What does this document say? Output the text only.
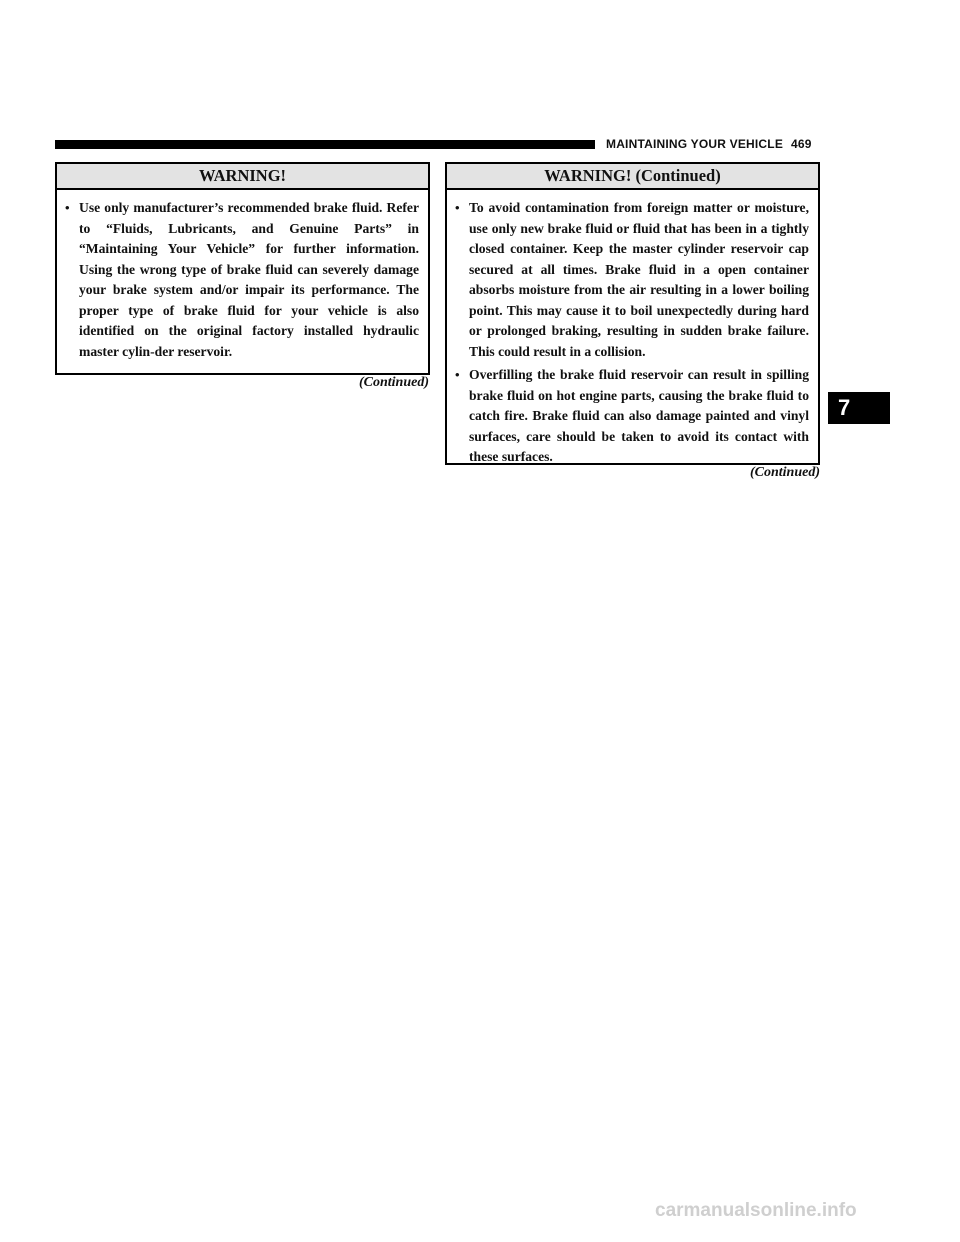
MAINTAINING YOUR VEHICLE 469
WARNING!
• Use only manufacturer’s recommended brake fluid. Refer to “Fluids, Lubricants, and Genuine Parts” in “Maintaining Your Vehicle” for further information. Using the wrong type of brake fluid can severely damage your brake system and/or impair its performance. The proper type of brake fluid for your vehicle is also identified on the original factory installed hydraulic master cylin-der reservoir.
(Continued)
WARNING! (Continued)
• To avoid contamination from foreign matter or moisture, use only new brake fluid or fluid that has been in a tightly closed container. Keep the master cylinder reservoir cap secured at all times. Brake fluid in a open container absorbs moisture from the air resulting in a lower boiling point. This may cause it to boil unexpectedly during hard or prolonged braking, resulting in sudden brake failure. This could result in a collision.
• Overfilling the brake fluid reservoir can result in spilling brake fluid on hot engine parts, causing the brake fluid to catch fire. Brake fluid can also damage painted and vinyl surfaces, care should be taken to avoid its contact with these surfaces.
(Continued)
7
carmanualsonline.info
